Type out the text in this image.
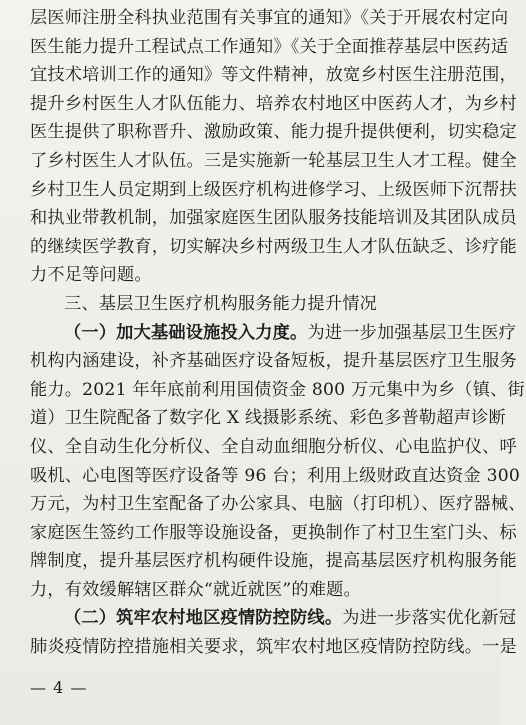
层医师注册全科执业范围有关事宜的通知》《关于开展农村定向
医生能力提升工程试点工作通知》《关于全面推荐基层中医药适
宜技术培训工作的通知》等文件精神，放宽乡村医生注册范围，
提升乡村医生人才队伍能力、培养农村地区中医药人才，为乡村
医生提供了职称晋升、激励政策、能力提升提供便利，切实稳定
了乡村医生人才队伍。三是实施新一轮基层卫生人才工程。健全
乡村卫生人员定期到上级医疗机构进修学习、上级医师下沉帮扶
和执业带教机制，加强家庭医生团队服务技能培训及其团队成员
的继续医学教育，切实解决乡村两级卫生人才队伍缺乏、诊疗能
力不足等问题。
三、基层卫生医疗机构服务能力提升情况
（一）加大基础设施投入力度。为进一步加强基层卫生医疗
机构内涵建设，补齐基础医疗设备短板，提升基层医疗卫生服务
能力。2021 年年底前利用国债资金 800 万元集中为乡（镇、街
道）卫生院配备了数字化 X 线摄影系统、彩色多普勒超声诊断
仪、全自动生化分析仪、全自动血细胞分析仪、心电监护仪、呼
吸机、心电图等医疗设备等 96 台；利用上级财政直达资金 300
万元，为村卫生室配备了办公家具、电脑（打印机）、医疗器械、
家庭医生签约工作服等设施设备，更换制作了村卫生室门头、标
牌制度，提升基层医疗机构硬件设施，提高基层医疗机构服务能
力，有效缓解辖区群众“就近就医”的难题。
（二）筑牢农村地区疫情防控防线。为进一步落实优化新冠
肺炎疫情防控措施相关要求，筑牢农村地区疫情防控防线。一是
— 4 —
